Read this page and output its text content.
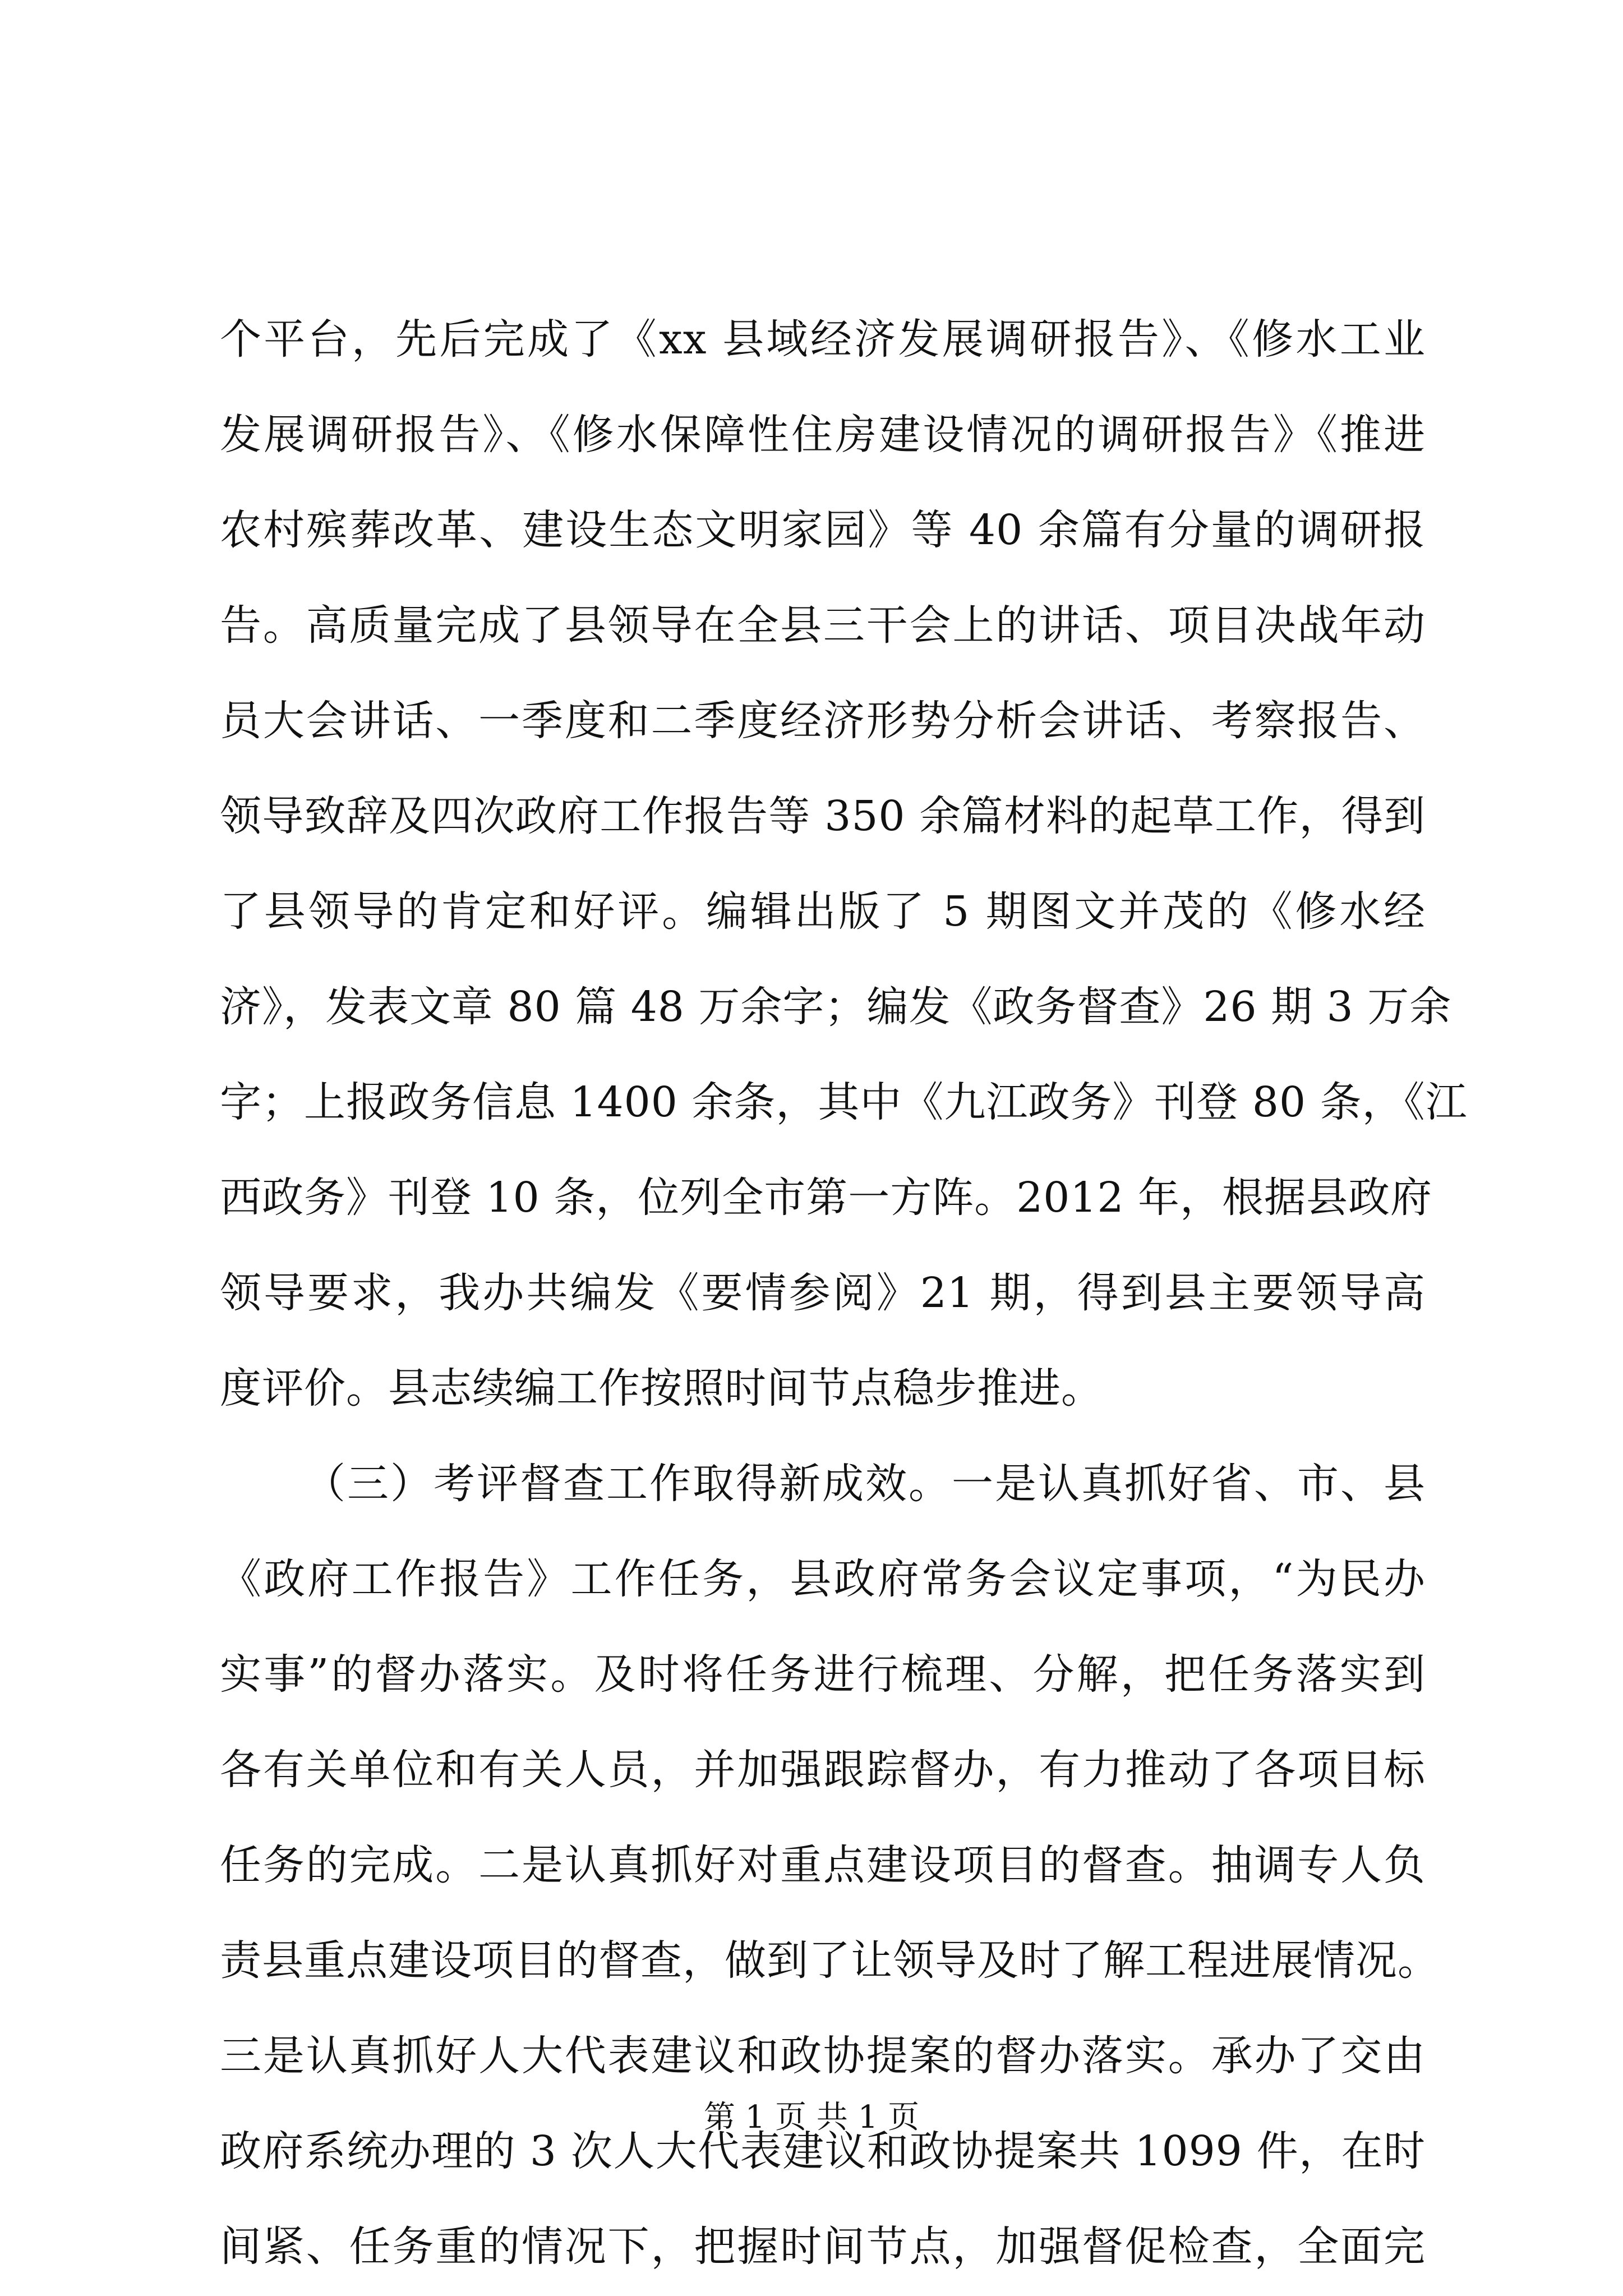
个平台，先后完成了《xx 县域经济发展调研报告》、《修水工业
发展调研报告》、《修水保障性住房建设情况的调研报告》《推进
农村殡葬改革、建设生态文明家园》等 40 余篇有分量的调研报
告。高质量完成了县领导在全县三干会上的讲话、项目决战年动
员大会讲话、一季度和二季度经济形势分析会讲话、考察报告、
领导致辞及四次政府工作报告等 350 余篇材料的起草工作，得到
了县领导的肯定和好评。编辑出版了 5 期图文并茂的《修水经
济》，发表文章 80 篇 48 万余字；编发《政务督查》26 期 3 万余
字；上报政务信息 1400 余条，其中《九江政务》刊登 80 条，《江
西政务》刊登 10 条，位列全市第一方阵。2012 年，根据县政府
领导要求，我办共编发《要情参阅》21 期，得到县主要领导高
度评价。县志续编工作按照时间节点稳步推进。
（三）考评督查工作取得新成效。一是认真抓好省、市、县
《政府工作报告》工作任务，县政府常务会议定事项，“为民办
实事”的督办落实。及时将任务进行梳理、分解，把任务落实到
各有关单位和有关人员，并加强跟踪督办，有力推动了各项目标
任务的完成。二是认真抓好对重点建设项目的督查。抽调专人负
责县重点建设项目的督查，做到了让领导及时了解工程进展情况。
三是认真抓好人大代表建议和政协提案的督办落实。承办了交由
政府系统办理的 3 次人大代表建议和政协提案共 1099 件，在时
间紧、任务重的情况下，把握时间节点，加强督促检查，全面完
第 1 页 共 1 页
